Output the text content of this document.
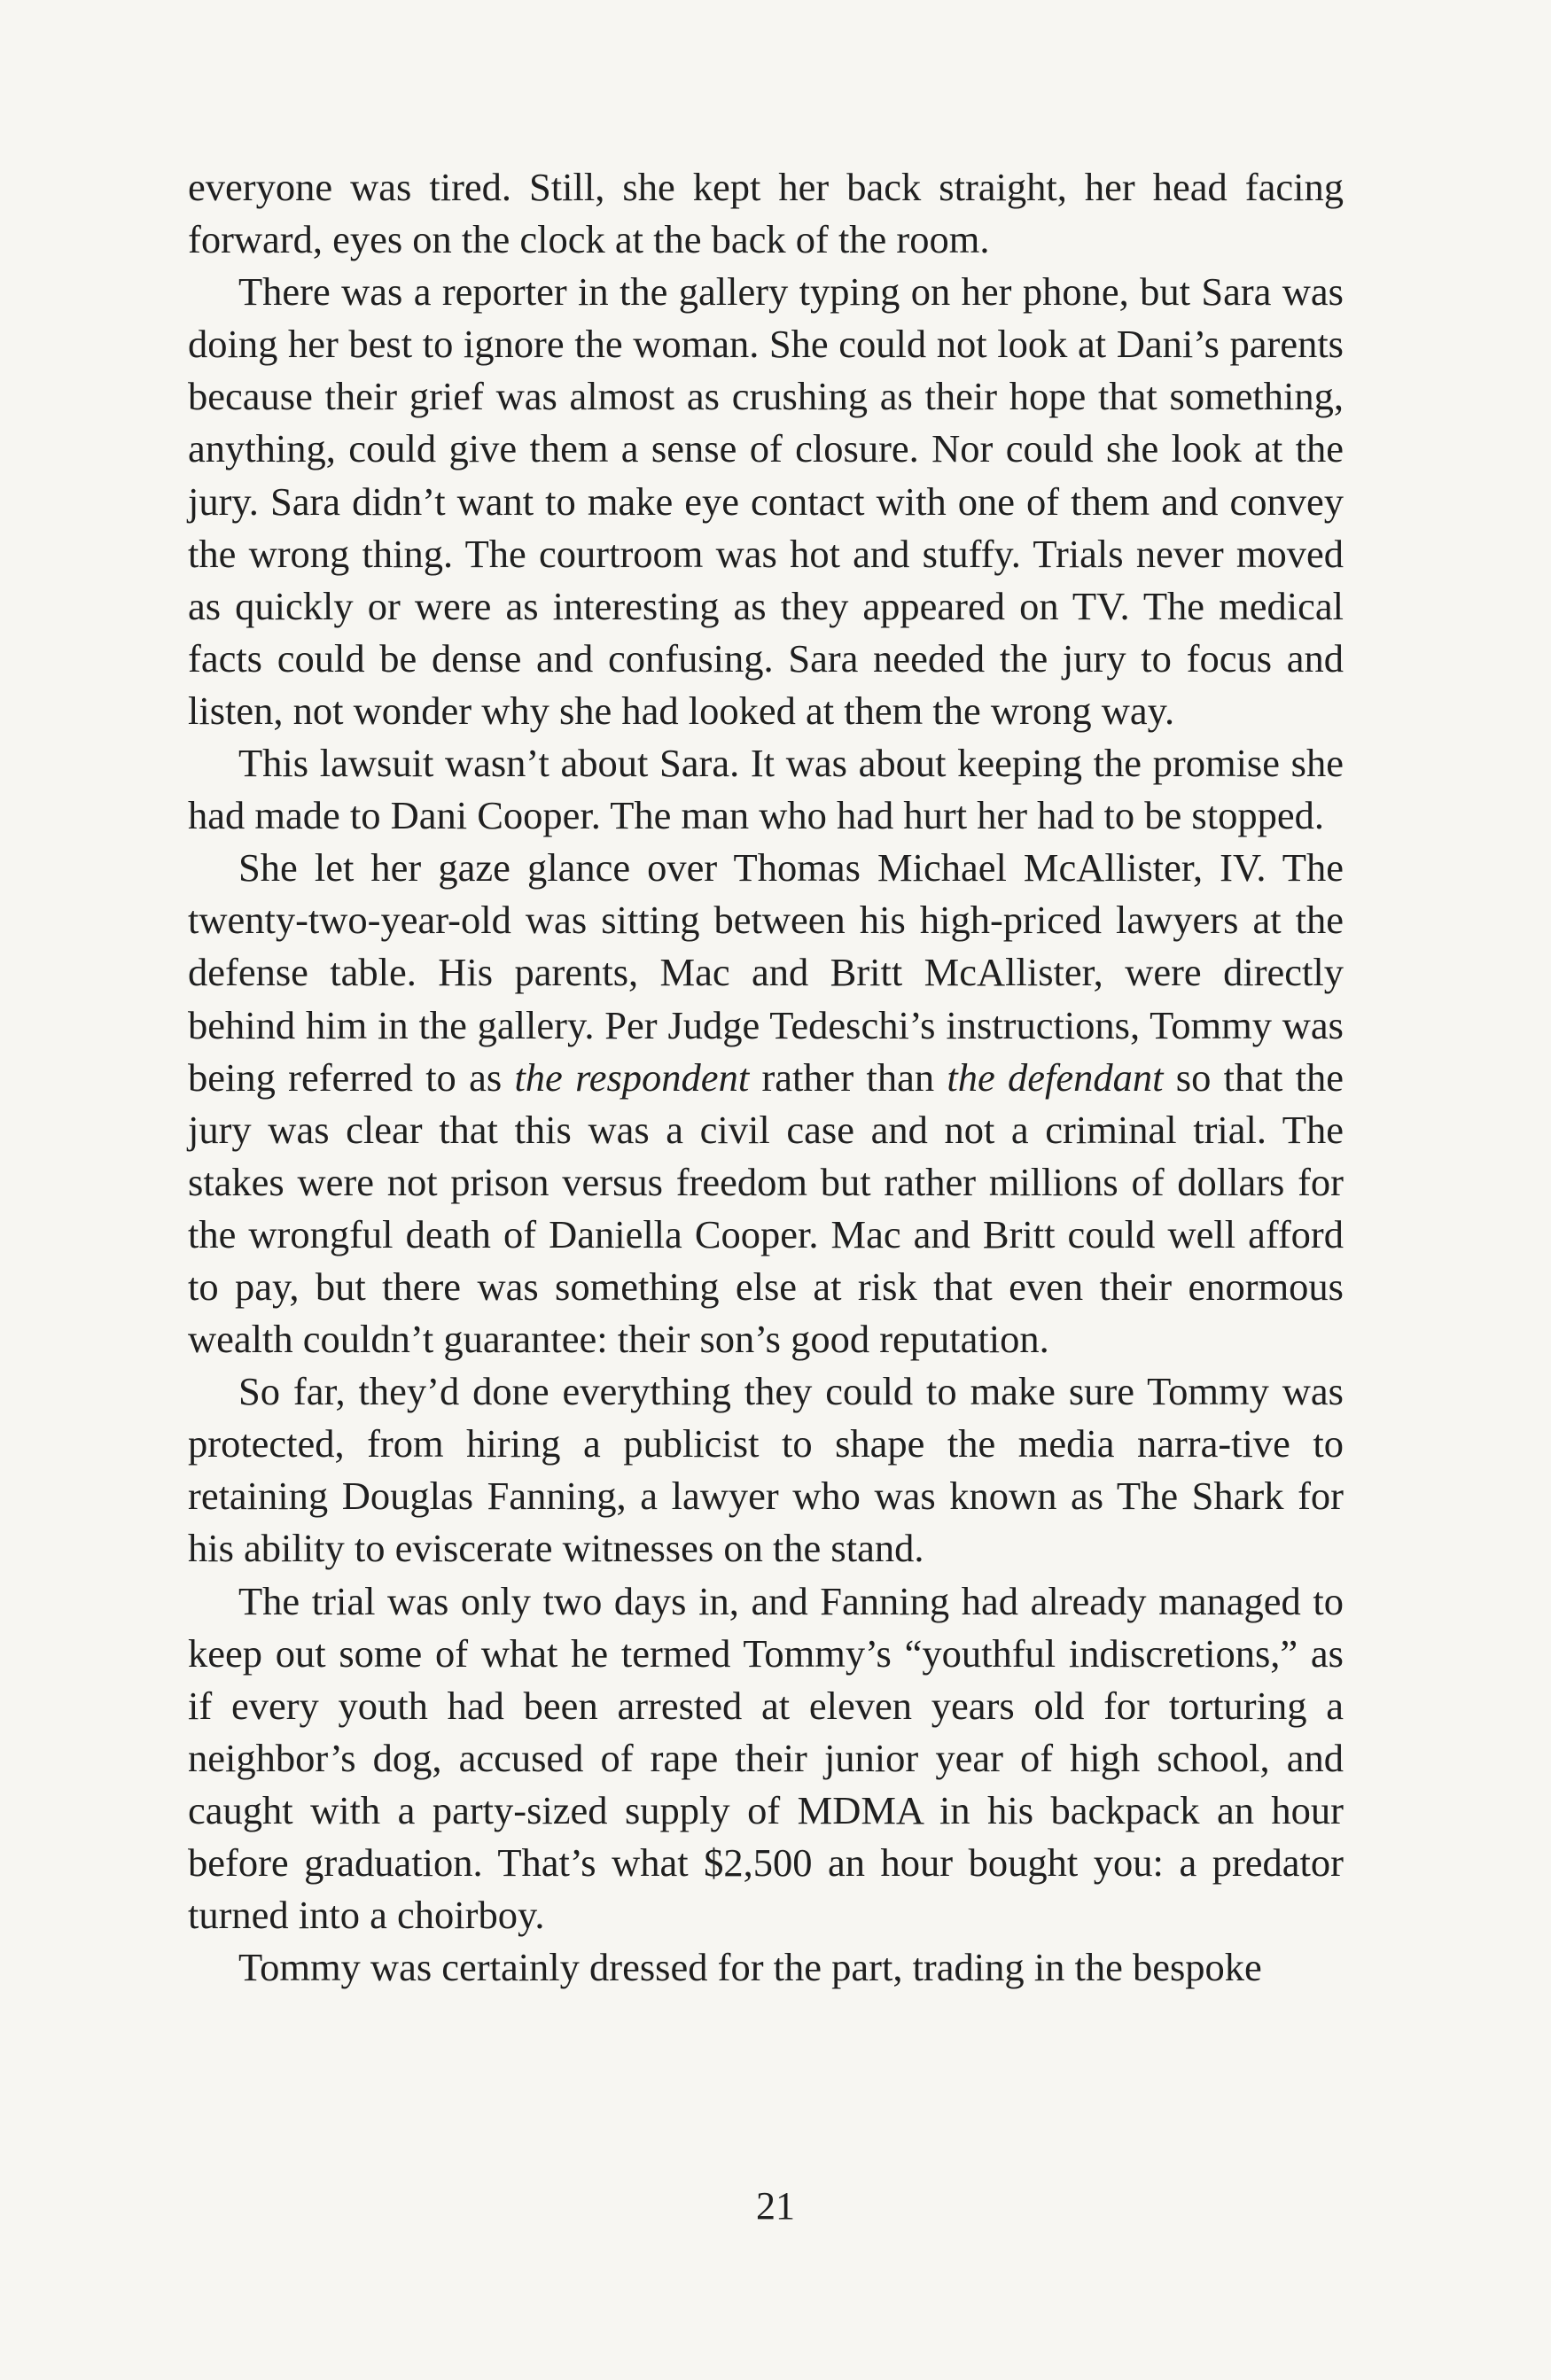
everyone was tired. Still, she kept her back straight, her head facing forward, eyes on the clock at the back of the room.

There was a reporter in the gallery typing on her phone, but Sara was doing her best to ignore the woman. She could not look at Dani’s parents because their grief was almost as crushing as their hope that something, anything, could give them a sense of closure. Nor could she look at the jury. Sara didn’t want to make eye contact with one of them and convey the wrong thing. The courtroom was hot and stuffy. Trials never moved as quickly or were as interesting as they appeared on TV. The medical facts could be dense and confusing. Sara needed the jury to focus and listen, not wonder why she had looked at them the wrong way.

This lawsuit wasn’t about Sara. It was about keeping the promise she had made to Dani Cooper. The man who had hurt her had to be stopped.

She let her gaze glance over Thomas Michael McAllister, IV. The twenty-two-year-old was sitting between his high-priced lawyers at the defense table. His parents, Mac and Britt McAllister, were directly behind him in the gallery. Per Judge Tedeschi’s instructions, Tommy was being referred to as the respondent rather than the defendant so that the jury was clear that this was a civil case and not a criminal trial. The stakes were not prison versus freedom but rather millions of dollars for the wrongful death of Daniella Cooper. Mac and Britt could well afford to pay, but there was something else at risk that even their enormous wealth couldn’t guarantee: their son’s good reputation.

So far, they’d done everything they could to make sure Tommy was protected, from hiring a publicist to shape the media narra-tive to retaining Douglas Fanning, a lawyer who was known as The Shark for his ability to eviscerate witnesses on the stand.

The trial was only two days in, and Fanning had already managed to keep out some of what he termed Tommy’s “youthful indiscretions,” as if every youth had been arrested at eleven years old for torturing a neighbor’s dog, accused of rape their junior year of high school, and caught with a party-sized supply of MDMA in his backpack an hour before graduation. That’s what $2,500 an hour bought you: a predator turned into a choirboy.

Tommy was certainly dressed for the part, trading in the bespoke

21
